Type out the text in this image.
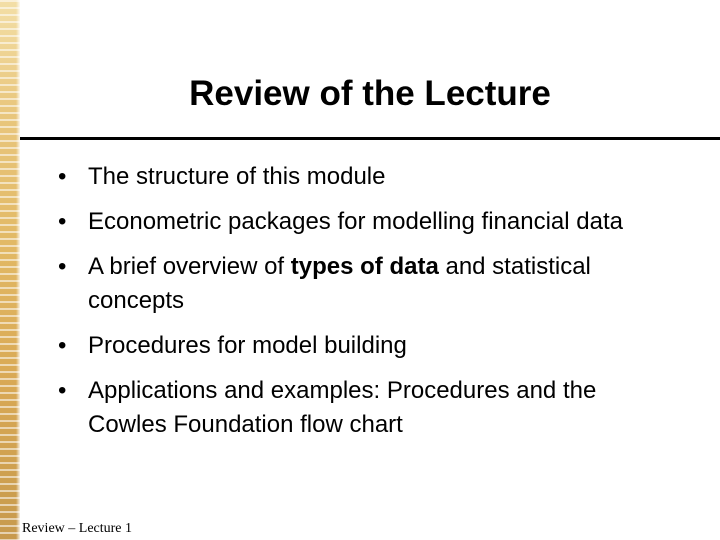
Review of the Lecture
• The structure of this module
• Econometric packages for modelling financial data
• A brief overview of types of data and statistical concepts
• Procedures for model building
• Applications and examples: Procedures and the Cowles Foundation flow chart
Review – Lecture 1
